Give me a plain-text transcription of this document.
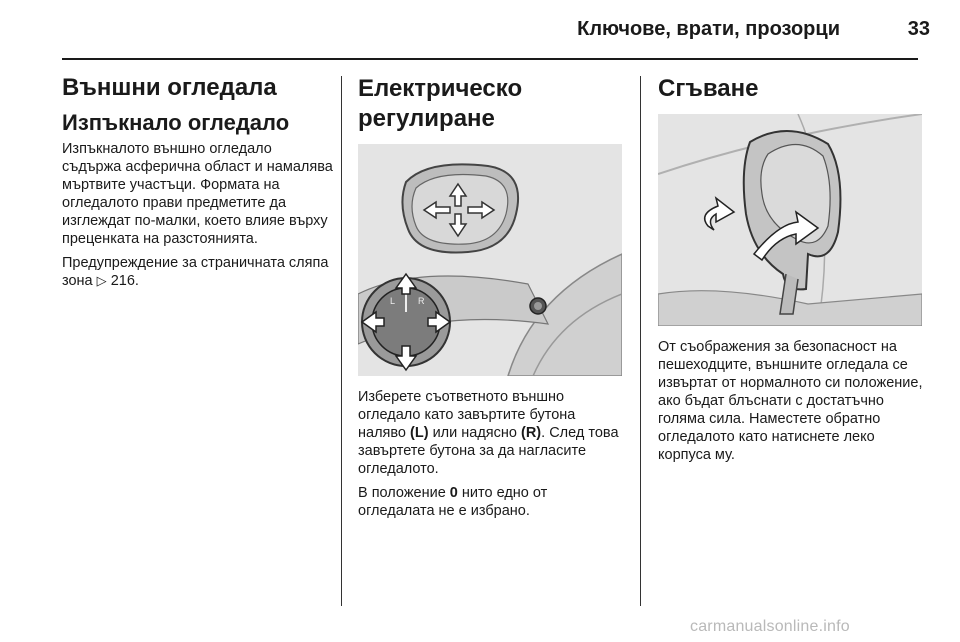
Ключове, врати, прозорци	33
Външни огледала
Изпъкнало огледало

Изпъкналото външно огледало съдържа асферична област и намалява мъртвите участъци. Формата на огледалото прави предметите да изглеждат по-малки, което влияе върху преценката на разстоянията.

Предупреждение за страничната сляпа зона ▷ 216.

Електрическо регулиране
L	R

Изберете съответното външно огледало като завъртите бутона наляво (L) или надясно (R). След това завъртете бутона за да нагласите огледалото.

В положение 0 нито едно от огледалата не е избрано.

Сгъване

От съображения за безопасност на пешеходците, външните огледала се извъртат от нормалното си положение, ако бъдат блъснати с достатъчно голяма сила. Наместете обратно огледалото като натиснете леко корпуса му.

carmanualsonline.info
